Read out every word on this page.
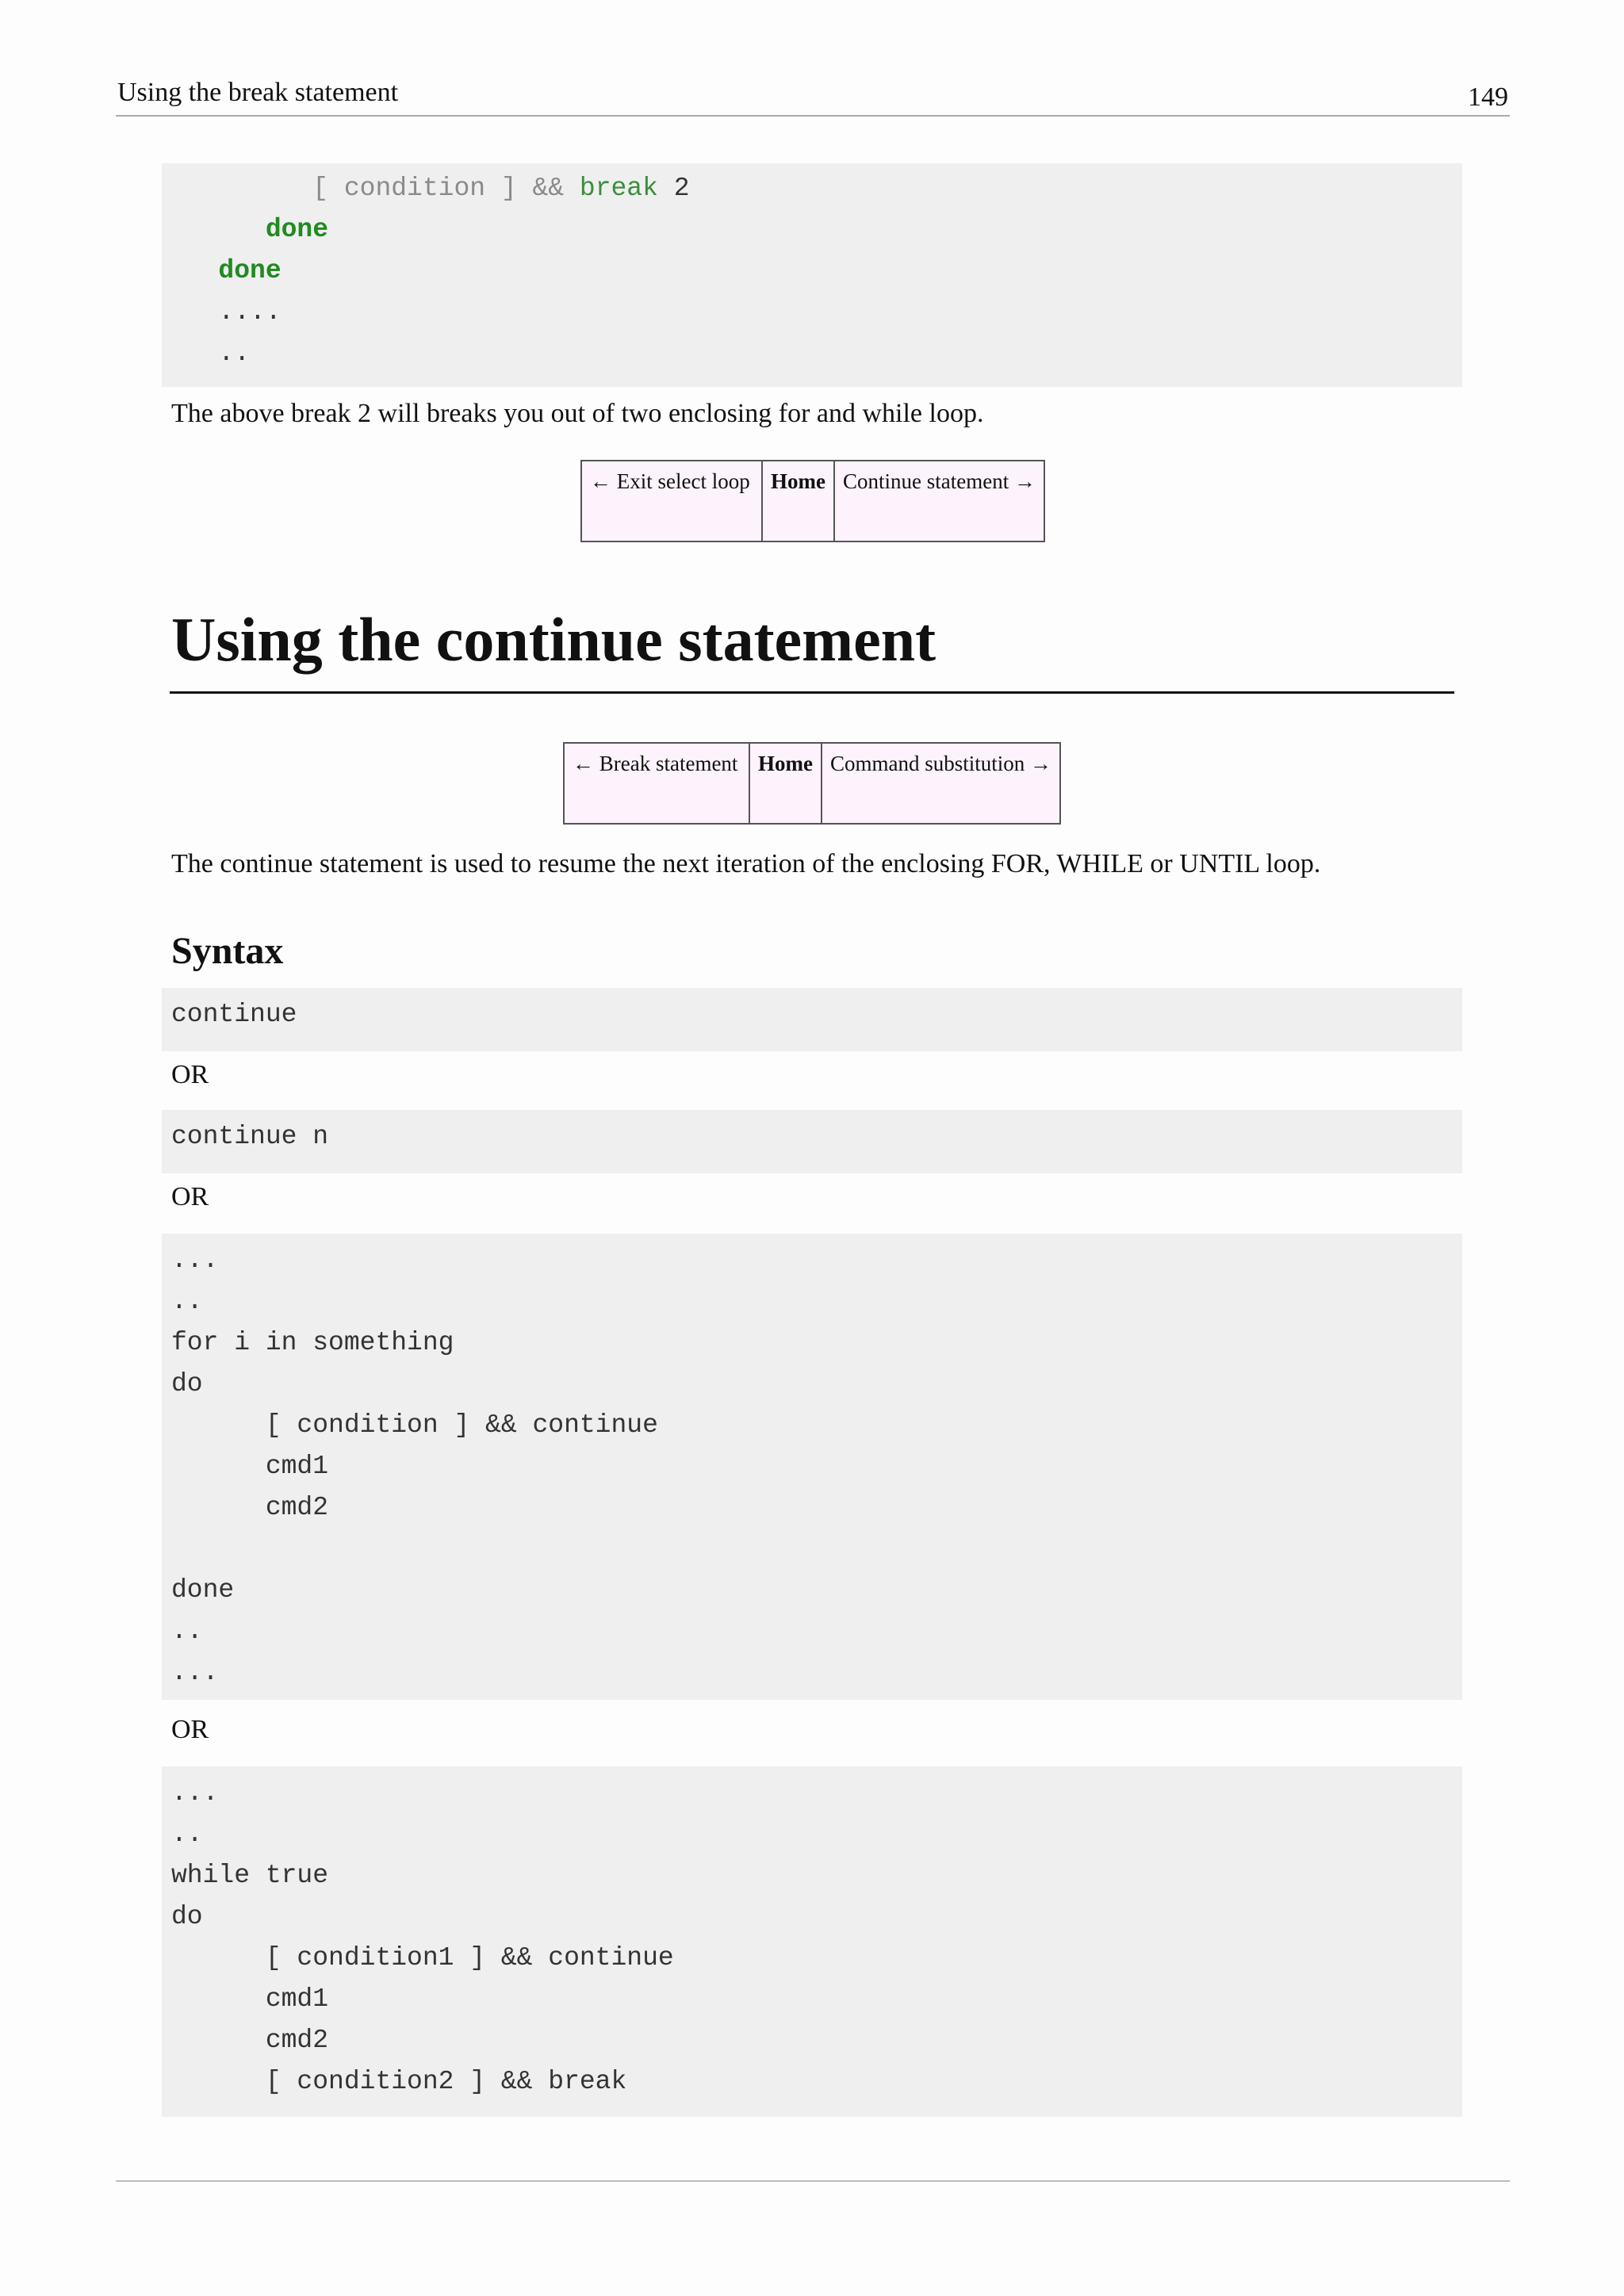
Using the break statement	149
[ condition ] && break 2
done
done
....
..
The above break 2 will breaks you out of two enclosing for and while loop.
← Exit select loop	Home	Continue statement →
Using the continue statement
← Break statement	Home	Command substitution →
The continue statement is used to resume the next iteration of the enclosing FOR, WHILE or UNTIL loop.
Syntax
continue
OR
continue n
OR
...
..
for i in something
do
[ condition ] && continue
cmd1
cmd2
done
..
...
OR
...
..
while true
do
[ condition1 ] && continue
cmd1
cmd2
[ condition2 ] && break
